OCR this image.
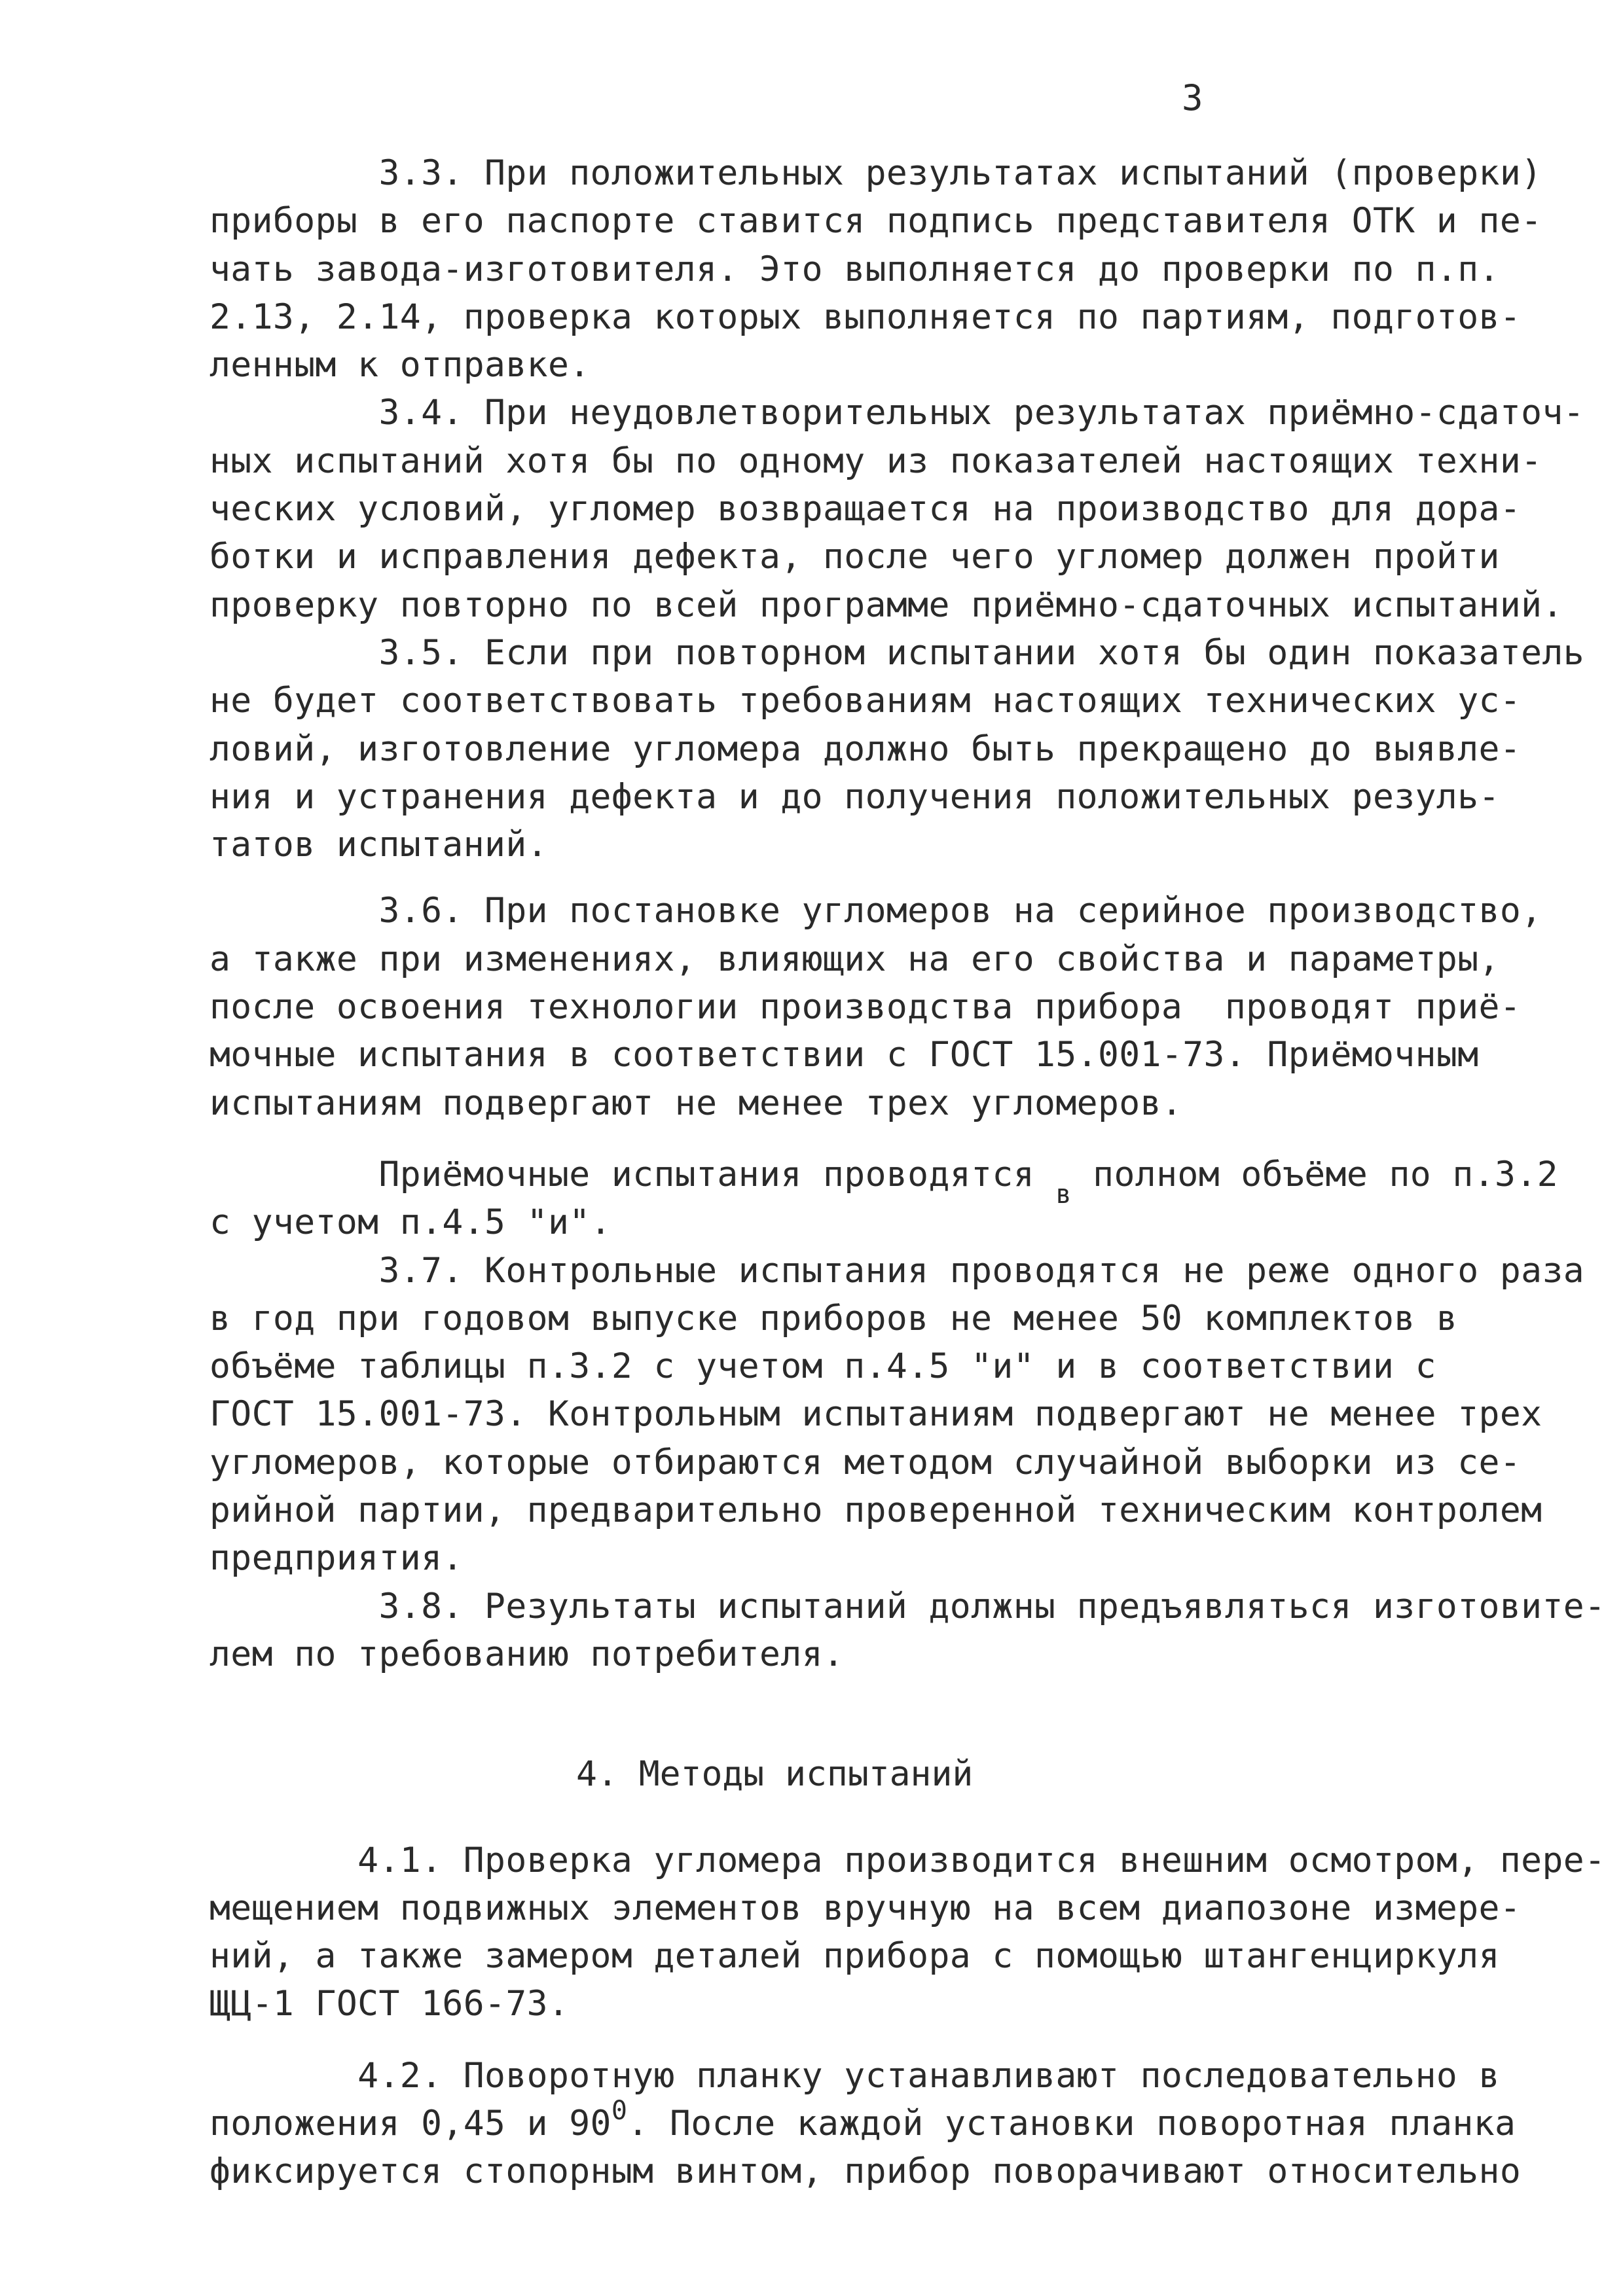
3
3.3. При положительных результатах испытаний (проверки)
приборы в его паспорте ставится подпись представителя ОТК и пе-
чать завода-изготовителя. Это выполняется до проверки по п.п.
2.13, 2.14, проверка которых выполняется по партиям, подготов-
ленным к отправке.
3.4. При неудовлетворительных результатах приёмно-сдаточ-
ных испытаний хотя бы по одному из показателей настоящих техни-
ческих условий, угломер возвращается на производство для дора-
ботки и исправления дефекта, после чего угломер должен пройти
проверку повторно по всей программе приёмно-сдаточных испытаний.
3.5. Если при повторном испытании хотя бы один показатель
не будет соответствовать требованиям настоящих технических ус-
ловий, изготовление угломера должно быть прекращено до выявле-
ния и устранения дефекта и до получения положительных резуль-
татов испытаний.
3.6. При постановке угломеров на серийное производство,
а также при изменениях, влияющих на его свойства и параметры,
после освоения технологии производства прибора  проводят приё-
мочные испытания в соответствии с ГОСТ 15.001-73. Приёмочным
испытаниям подвергают не менее трех угломеров.
Приёмочные испытания проводятся $_в$ полном объёме по п.3.2
с учетом п.4.5 "и".
3.7. Контрольные испытания проводятся не реже одного раза
в год при годовом выпуске приборов не менее 50 комплектов в
объёме таблицы п.3.2 с учетом п.4.5 "и" и в соответствии с
ГОСТ 15.001-73. Контрольным испытаниям подвергают не менее трех
угломеров, которые отбираются методом случайной выборки из се-
рийной партии, предварительно проверенной техническим контролем
предприятия.
3.8. Результаты испытаний должны предъявляться изготовите-
лем по требованию потребителя.
4. Методы испытаний
4.1. Проверка угломера производится внешним осмотром, пере-
мещением подвижных элементов вручную на всем диапозоне измере-
ний, а также замером деталей прибора с помощью штангенциркуля
ЩЦ-1 ГОСТ 166-73.
4.2. Поворотную планку устанавливают последовательно в
положения 0,45 и $90^0$. После каждой установки поворотная планка
фиксируется стопорным винтом, прибор поворачивают относительно
